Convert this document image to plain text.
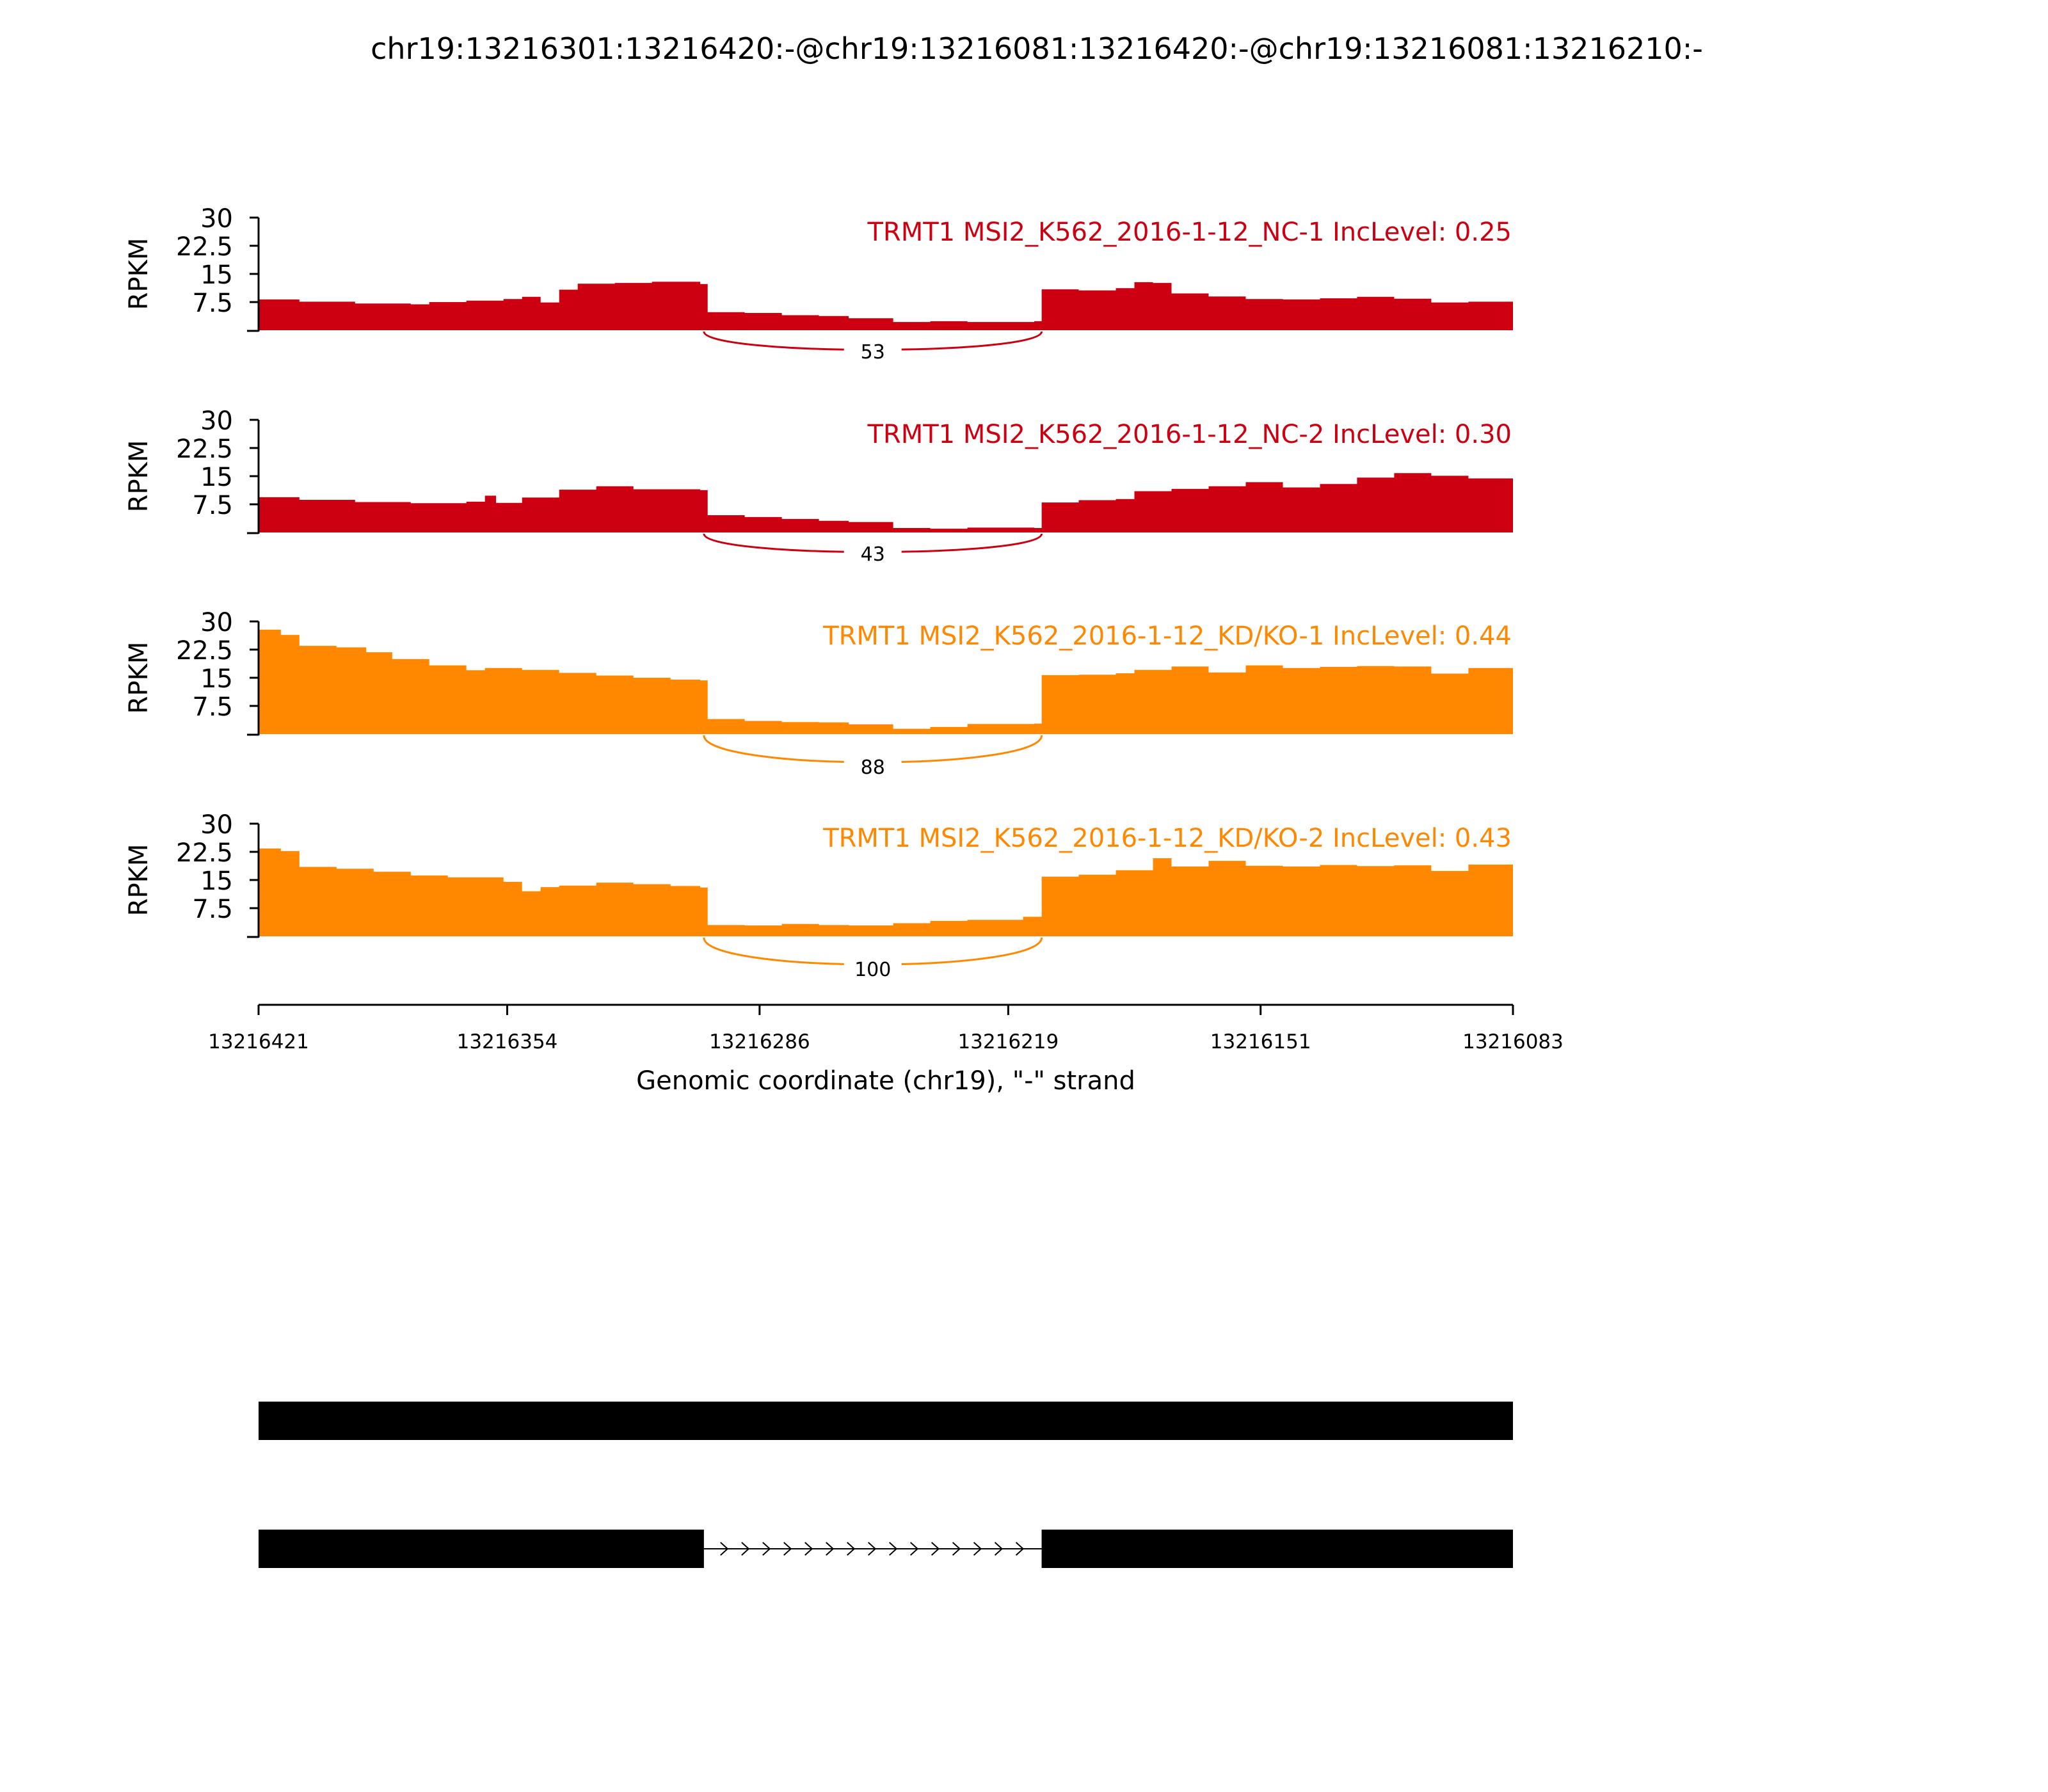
chr19:13216301:13216420:-@chr19:13216081:13216420:-@chr19:13216081:13216210:-
7.5
15
22.5
30
RPKM
TRMT1 MSI2_K562_2016-1-12_NC-1 IncLevel: 0.25
53
7.5
15
22.5
30
RPKM
TRMT1 MSI2_K562_2016-1-12_NC-2 IncLevel: 0.30
43
7.5
15
22.5
30
RPKM
TRMT1 MSI2_K562_2016-1-12_KD/KO-1 IncLevel: 0.44
88
7.5
15
22.5
30
RPKM
TRMT1 MSI2_K562_2016-1-12_KD/KO-2 IncLevel: 0.43
100
13216421	13216354	13216286	13216219	13216151	13216083
Genomic coordinate (chr19), "-" strand
